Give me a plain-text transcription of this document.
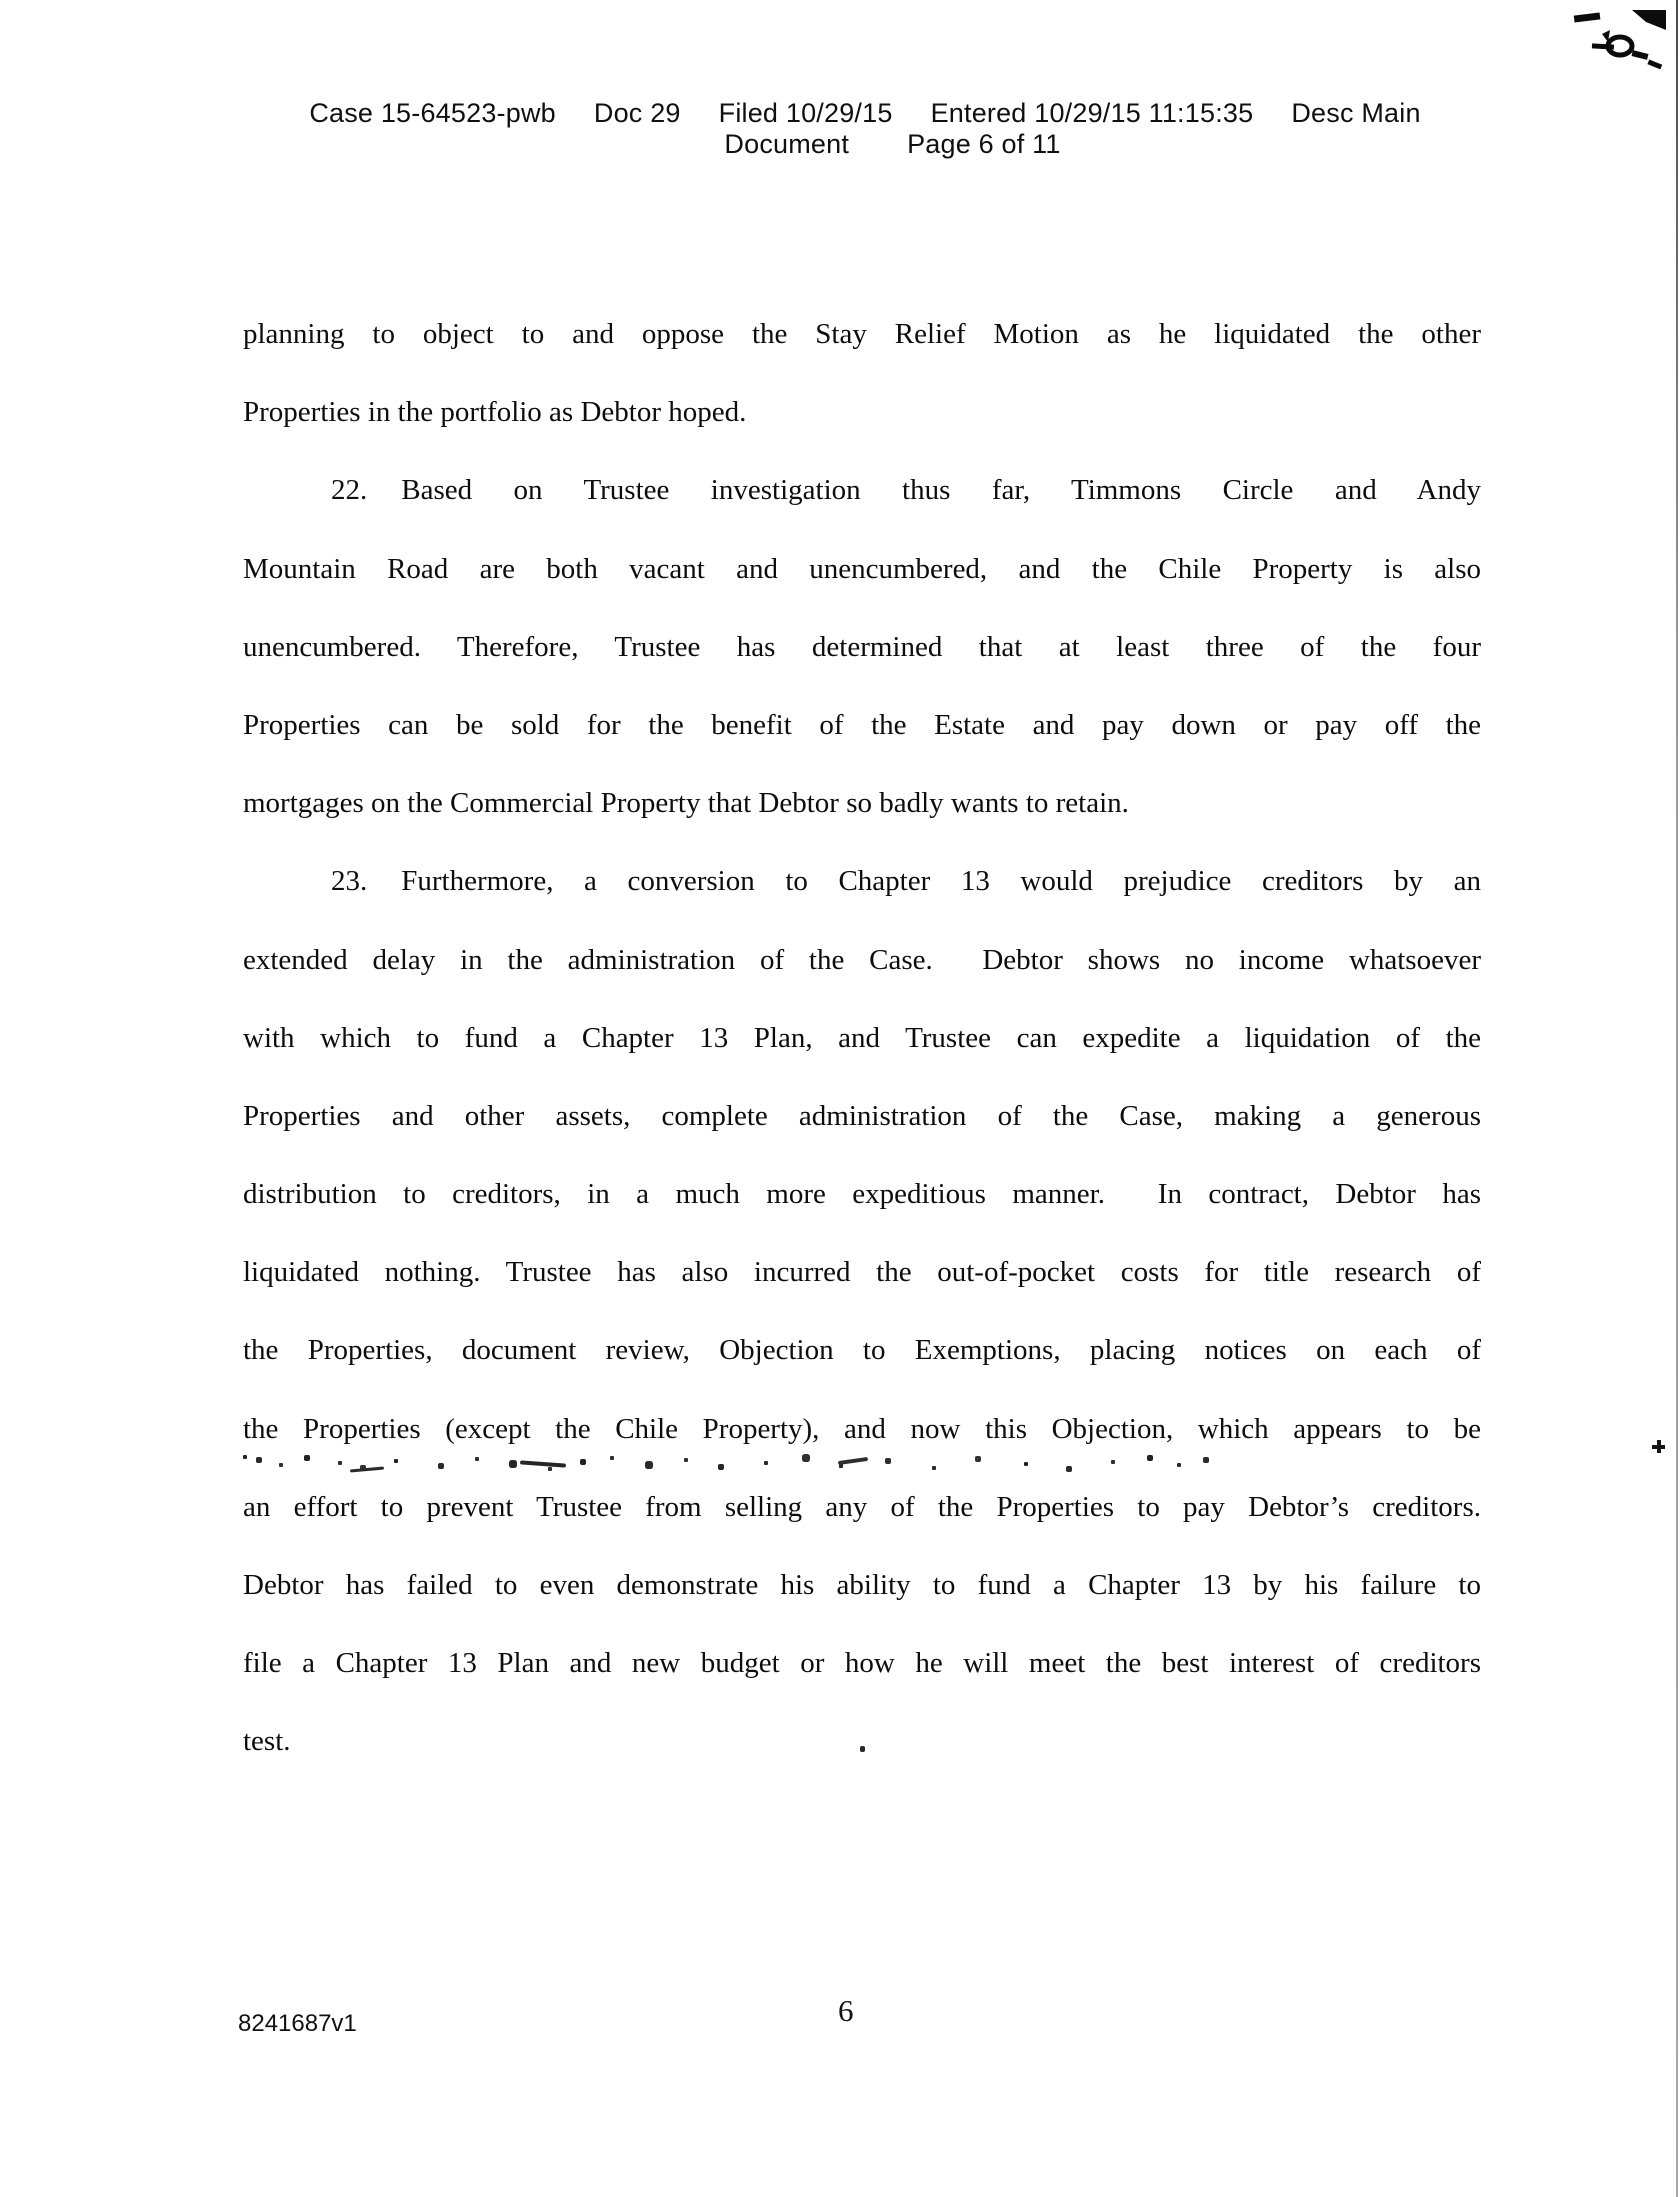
Case 15-64523-pwb Doc 29 Filed 10/29/15 Entered 10/29/15 11:15:35 Desc Main
Document Page 6 of 11
planning to object to and oppose the Stay Relief Motion as he liquidated the other
Properties in the portfolio as Debtor hoped.
22. Based on Trustee investigation thus far, Timmons Circle and Andy
Mountain Road are both vacant and unencumbered, and the Chile Property is also
unencumbered. Therefore, Trustee has determined that at least three of the four
Properties can be sold for the benefit of the Estate and pay down or pay off the
mortgages on the Commercial Property that Debtor so badly wants to retain.
23. Furthermore, a conversion to Chapter 13 would prejudice creditors by an
extended delay in the administration of the Case.  Debtor shows no income whatsoever
with which to fund a Chapter 13 Plan, and Trustee can expedite a liquidation of the
Properties and other assets, complete administration of the Case, making a generous
distribution to creditors, in a much more expeditious manner.  In contract, Debtor has
liquidated nothing. Trustee has also incurred the out-of-pocket costs for title research of
the Properties, document review, Objection to Exemptions, placing notices on each of
the Properties (except the Chile Property), and now this Objection, which appears to be
an effort to prevent Trustee from selling any of the Properties to pay Debtor’s creditors.
Debtor has failed to even demonstrate his ability to fund a Chapter 13 by his failure to
file a Chapter 13 Plan and new budget or how he will meet the best interest of creditors
test.
8241687v1	6
